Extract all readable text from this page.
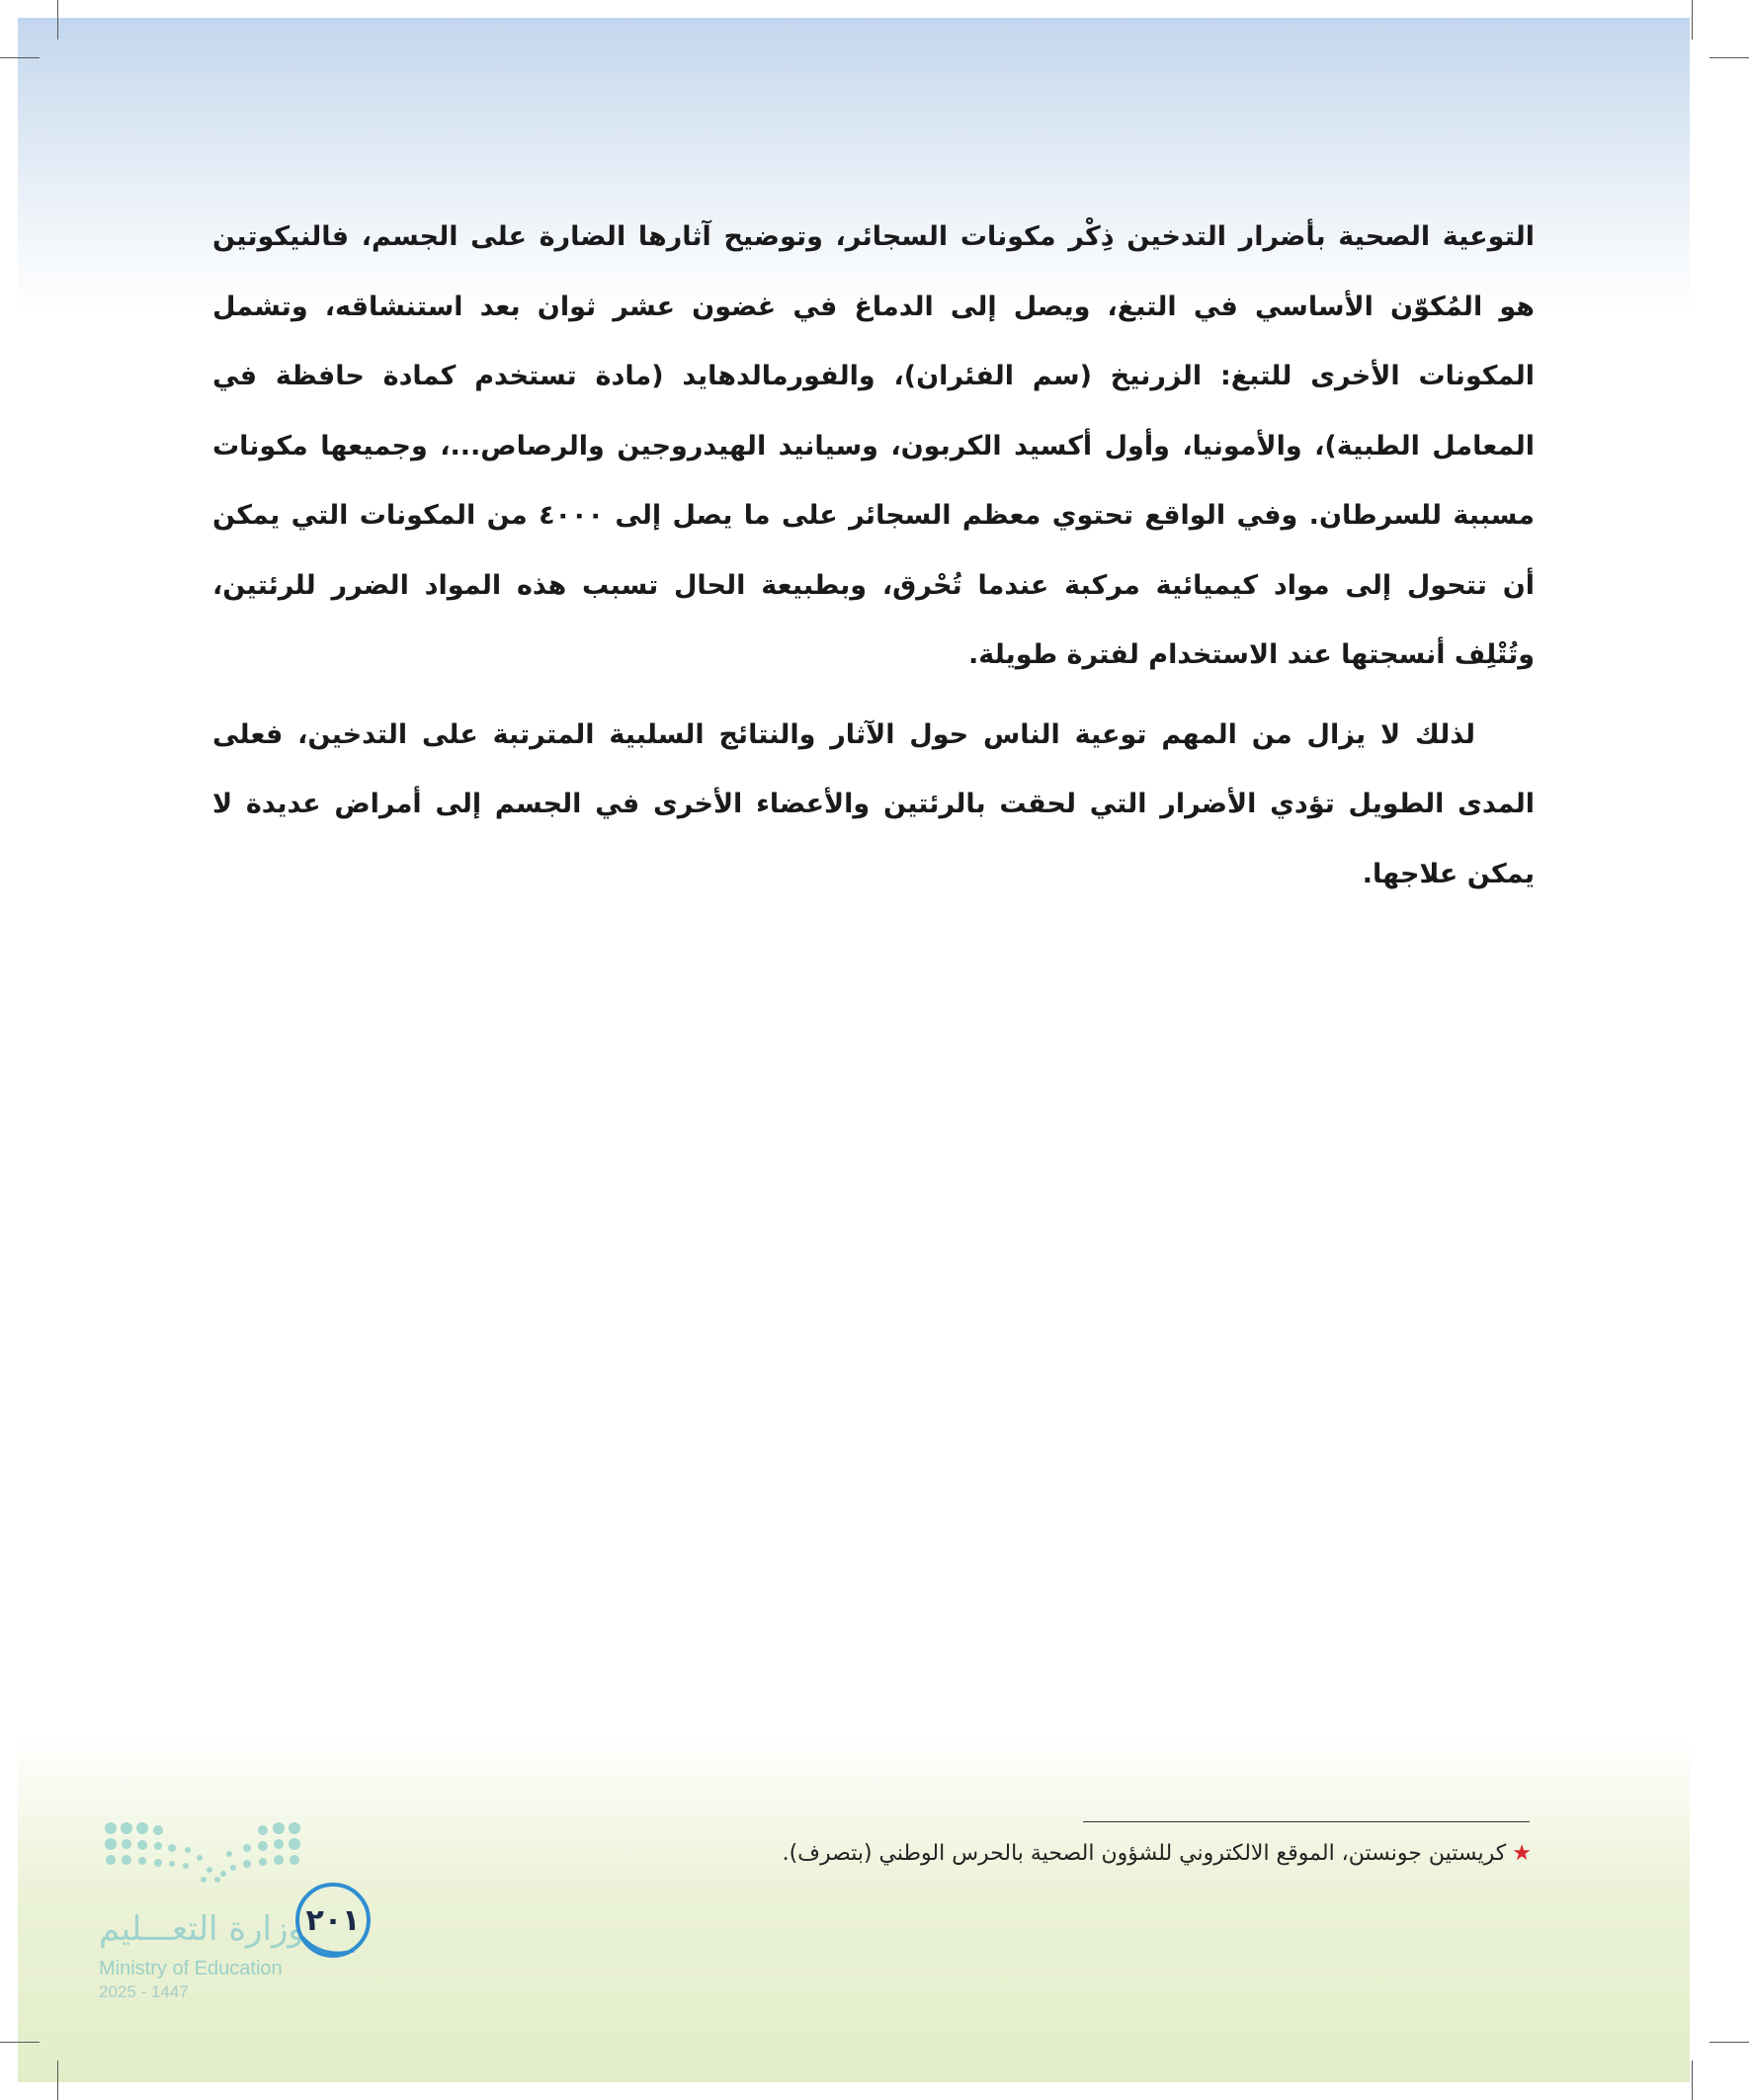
التوعية الصحية بأضرار التدخين ذِكْر مكونات السجائر، وتوضيح آثارها الضارة على الجسم، فالنيكوتين هو المُكوّن الأساسي في التبغ، ويصل إلى الدماغ في غضون عشر ثوان بعد استنشاقه، وتشمل المكونات الأخرى للتبغ: الزرنيخ (سم الفئران)، والفورمالدهايد (مادة تستخدم كمادة حافظة في المعامل الطبية)، والأمونيا، وأول أكسيد الكربون، وسيانيد الهيدروجين والرصاص...، وجميعها مكونات مسببة للسرطان. وفي الواقع تحتوي معظم السجائر على ما يصل إلى ٤٠٠٠ من المكونات التي يمكن أن تتحول إلى مواد كيميائية مركبة عندما تُحْرق، وبطبيعة الحال تسبب هذه المواد الضرر للرئتين، وتُتْلِف أنسجتها عند الاستخدام لفترة طويلة.

لذلك لا يزال من المهم توعية الناس حول الآثار والنتائج السلبية المترتبة على التدخين، فعلى المدى الطويل تؤدي الأضرار التي لحقت بالرئتين والأعضاء الأخرى في الجسم إلى أمراض عديدة لا يمكن علاجها.

★كريستين جونستن، الموقع الالكتروني للشؤون الصحية بالحرس الوطني (بتصرف).
وزارة التعـــليم
Ministry of Education
2025 - 1447
٢٠١
